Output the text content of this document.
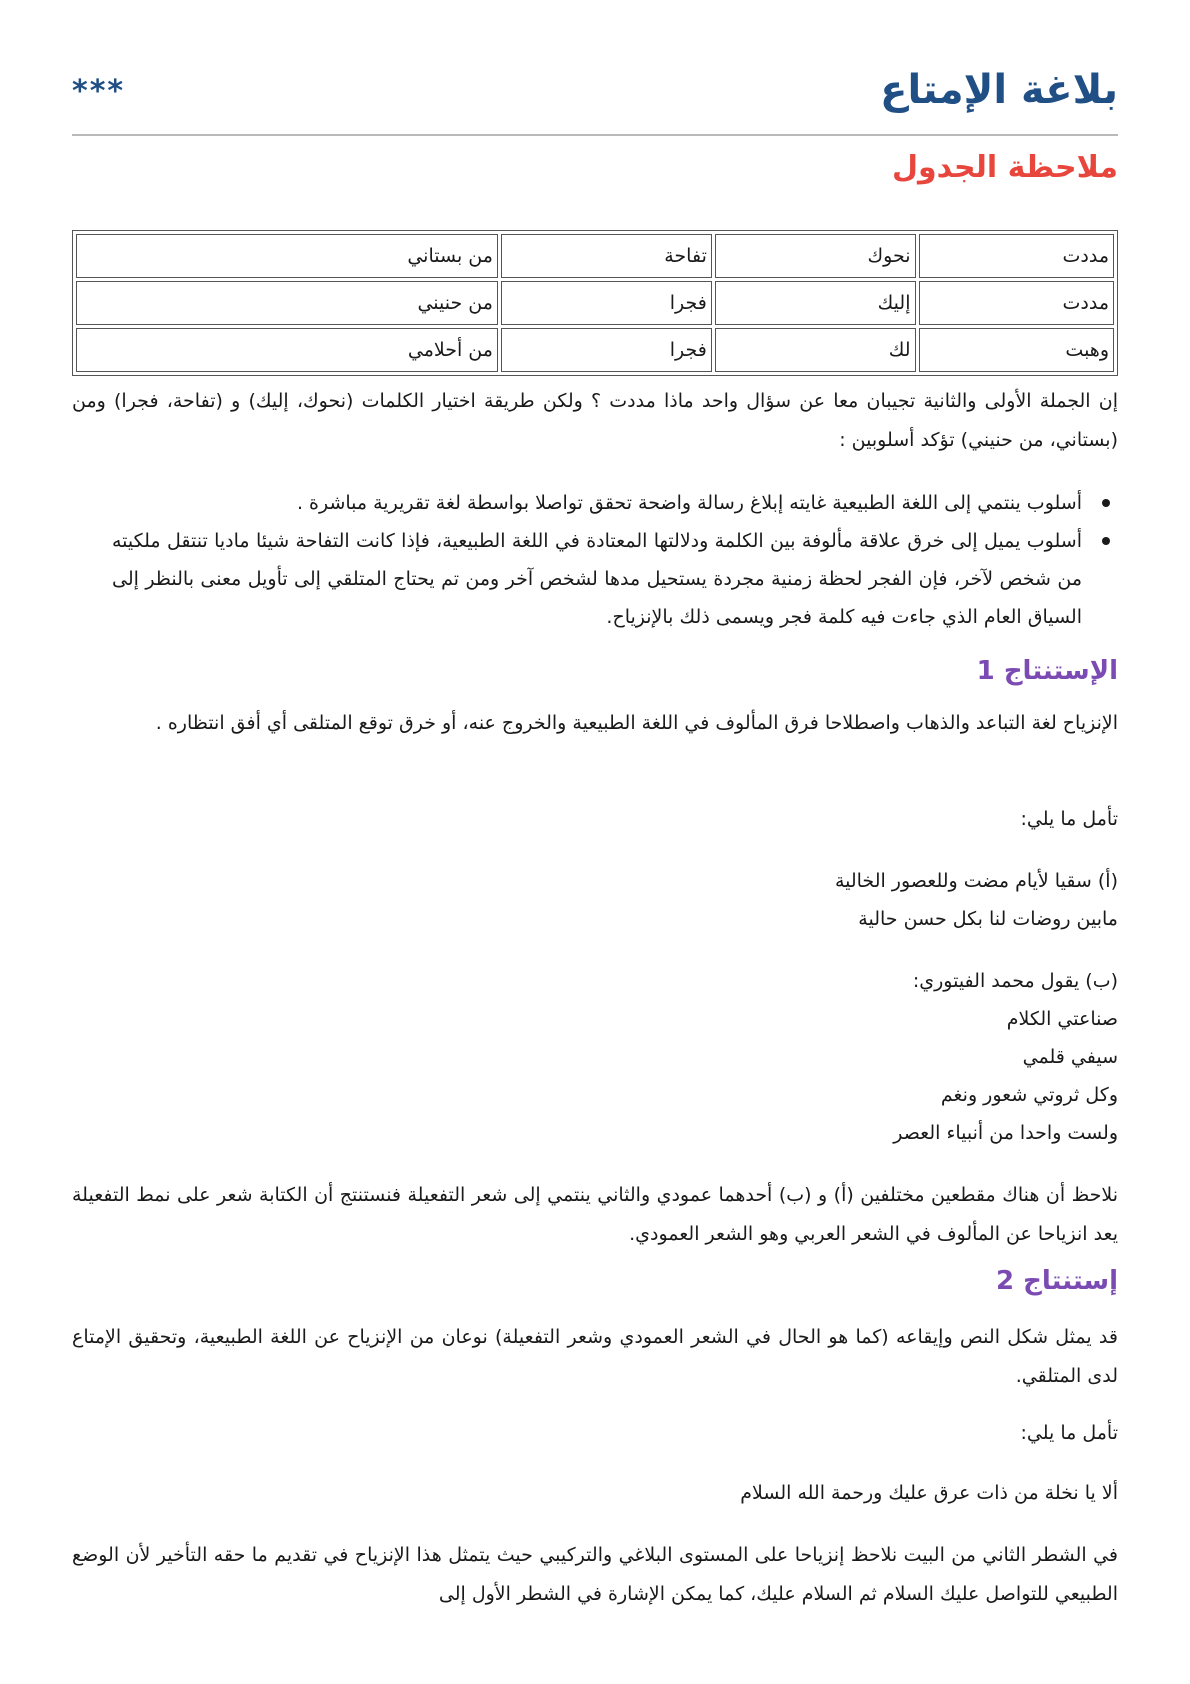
بلاغة الإمتاع
***
ملاحظة الجدول
مددت	نحوك	تفاحة	من بستاني
مددت	إليك	فجرا	من حنيني
وهبت	لك	فجرا	من أحلامي

إن الجملة الأولى والثانية تجيبان معا عن سؤال واحد ماذا مددت ؟ ولكن طريقة اختيار الكلمات (نحوك، إليك) و (تفاحة، فجرا) ومن (بستاني، من حنيني) تؤكد أسلوبين :

أسلوب ينتمي إلى اللغة الطبيعية غايته إبلاغ رسالة واضحة تحقق تواصلا بواسطة لغة تقريرية مباشرة .
أسلوب يميل إلى خرق علاقة مألوفة بين الكلمة ودلالتها المعتادة في اللغة الطبيعية، فإذا كانت التفاحة شيئا ماديا تنتقل ملكيته من شخص لآخر، فإن الفجر لحظة زمنية مجردة يستحيل مدها لشخص آخر ومن تم يحتاج المتلقي إلى تأويل معنى بالنظر إلى السياق العام الذي جاءت فيه كلمة فجر ويسمى ذلك بالإنزياح.
الإستنتاج 1

الإنزياح لغة التباعد والذهاب واصطلاحا فرق المألوف في اللغة الطبيعية والخروج عنه، أو خرق توقع المتلقى أي أفق انتظاره .

تأمل ما يلي:
(أ) سقيا لأيام مضت وللعصور الخالية
مابين روضات لنا بكل حسن حالية
(ب) يقول محمد الفيتوري:
صناعتي الكلام
سيفي قلمي
وكل ثروتي شعور ونغم
ولست واحدا من أنبياء العصر

نلاحظ أن هناك مقطعين مختلفين (أ) و (ب) أحدهما عمودي والثاني ينتمي إلى شعر التفعيلة فنستنتج أن الكتابة شعر على نمط التفعيلة يعد انزياحا عن المألوف في الشعر العربي وهو الشعر العمودي.

إستنتاج 2

قد يمثل شكل النص وإيقاعه (كما هو الحال في الشعر العمودي وشعر التفعيلة) نوعان من الإنزياح عن اللغة الطبيعية، وتحقيق الإمتاع لدى المتلقي.

تأمل ما يلي:
ألا يا نخلة من ذات عرق عليك ورحمة الله السلام

في الشطر الثاني من البيت نلاحظ إنزياحا على المستوى البلاغي والتركيبي حيث يتمثل هذا الإنزياح في تقديم ما حقه التأخير لأن الوضع الطبيعي للتواصل عليك السلام ثم السلام عليك، كما يمكن الإشارة في الشطر الأول إلى
